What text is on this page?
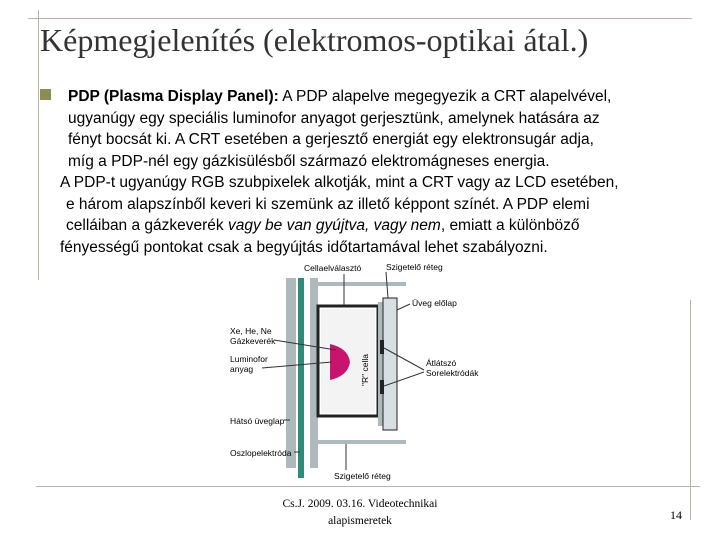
Képmegjelenítés (elektromos-optikai átal.)
PDP (Plasma Display Panel): A PDP alapelve megegyezik a CRT alapelvével,
ugyanúgy egy speciális luminofor anyagot gerjesztünk, amelynek hatására az
fényt bocsát ki. A CRT esetében a gerjesztő energiát egy elektronsugár adja,
míg a PDP-nél egy gázkisülésből származó elektromágneses energia.
A PDP-t ugyanúgy RGB szubpixelek alkotják, mint a CRT vagy az LCD esetében,
e három alapszínből keveri ki szemünk az illető képpont színét. A PDP elemi
celláiban a gázkeverék vagy be van gyújtva, vagy nem, emiatt a különböző
fényességű pontokat csak a begyújtás időtartamával lehet szabályozni.
Cellaelválasztó	Szigetelő réteg
Üveg előlap
Xe, He, Ne
Gázkeverék
Luminofor
anyag
Átlátszó
Sorelektródák
"R" cella
Hátsó üveglap
Oszlopelektróda
Szigetelő réteg
Cs.J. 2009. 03.16. Videotechnikai
alapismeretek	14
